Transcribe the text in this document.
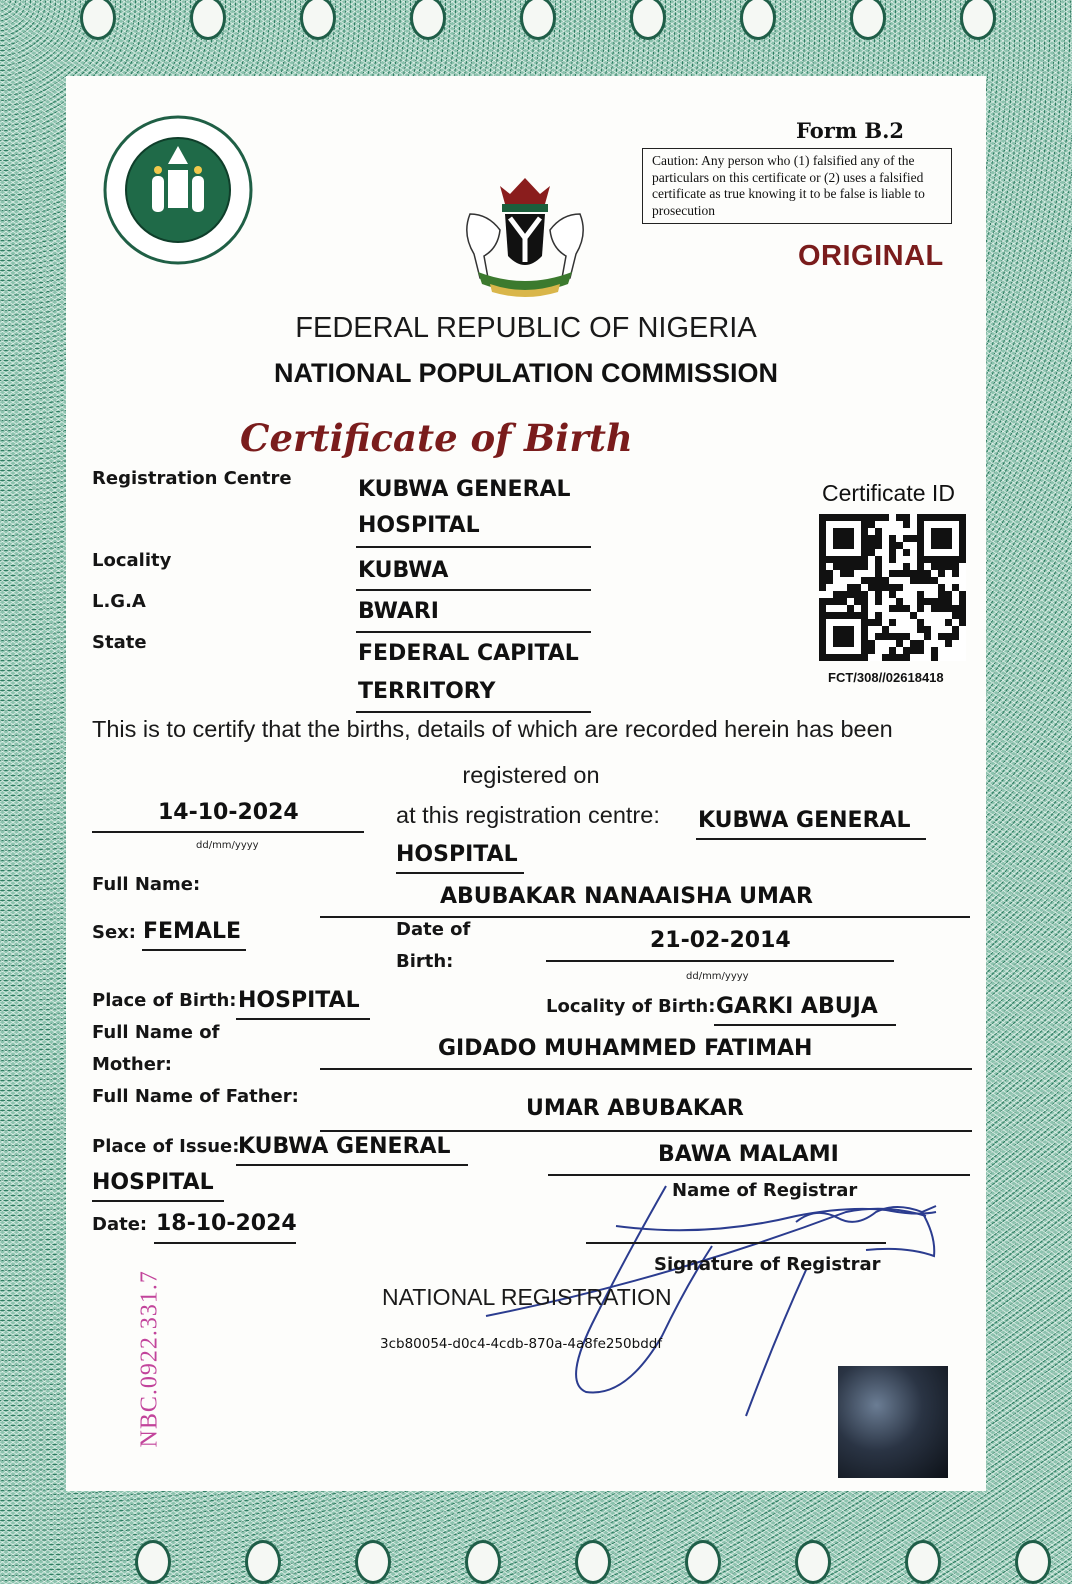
Form B.2
Caution: Any person who (1) falsified any of the particulars on this certificate or (2) uses a falsified certificate as true knowing it to be false is liable to prosecution
ORIGINAL
FEDERAL REPUBLIC OF NIGERIA
NATIONAL POPULATION COMMISSION
Certificate of Birth
Registration Centre	KUBWA GENERAL
HOSPITAL
Locality	KUBWA
L.G.A	BWARI
State	FEDERAL CAPITAL
TERRITORY
Certificate ID
FCT/308//02618418
This is to certify that the births, details of which are recorded herein has been
registered on
14-10-2024
dd/mm/yyyy
at this registration centre: KUBWA GENERAL
HOSPITAL
Full Name:	ABUBAKAR NANAAISHA UMAR
Sex: FEMALE	Date of
Birth:
21-02-2014
dd/mm/yyyy
Place of Birth: HOSPITAL	Locality of Birth: GARKI ABUJA
Full Name of
Mother:
GIDADO MUHAMMED FATIMAH
Full Name of Father:	UMAR ABUBAKAR
Place of Issue:
KUBWA GENERAL
HOSPITAL
Date: 18-10-2024
BAWA MALAMI
Name of Registrar
Signature of Registrar
NATIONAL REGISTRATION
3cb80054-d0c4-4cdb-870a-4a8fe250bddf
NBC.0922.331.7
